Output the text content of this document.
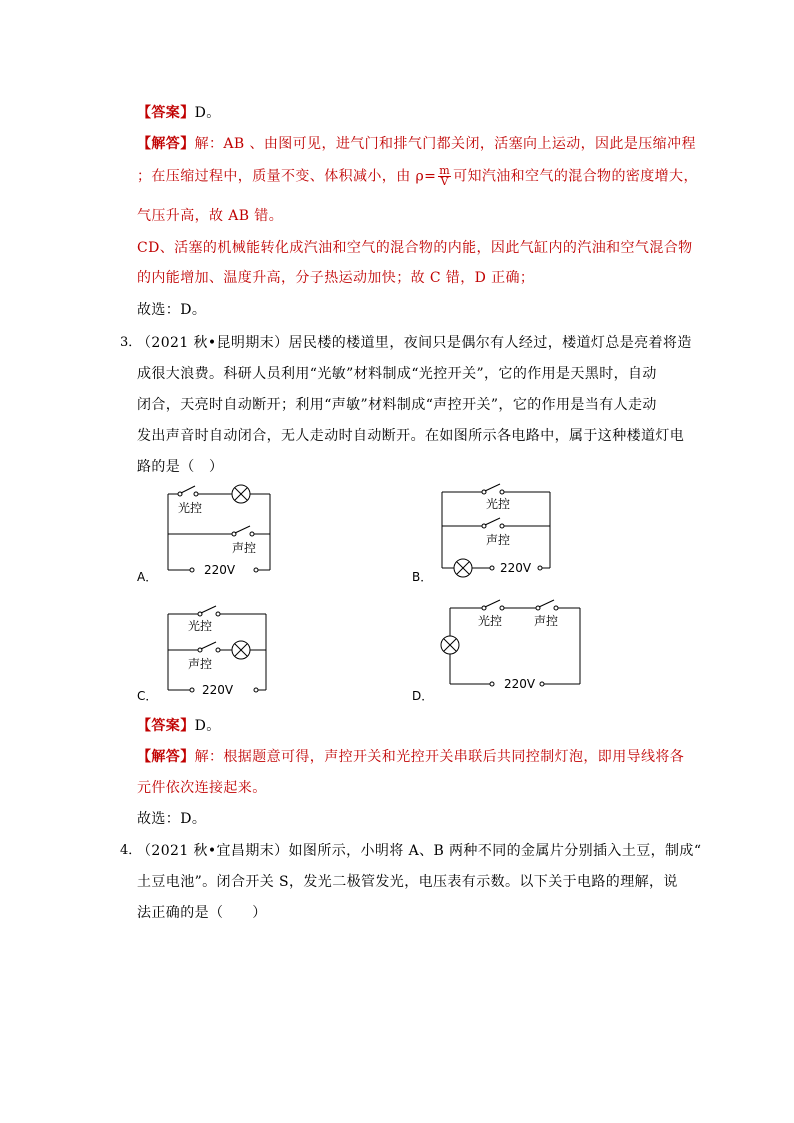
【答案】D。
【解答】解：AB 、由图可见，进气门和排气门都关闭，活塞向上运动，因此是压缩冲程
；在压缩过程中，质量不变、体积减小，由 $\rho= \frac{m}{V}$ 可知汽油和空气的混合物的密度增大，
气压升高，故 AB 错。
CD、活塞的机械能转化成汽油和空气的混合物的内能，因此气缸内的汽油和空气混合物
的内能增加、温度升高，分子热运动加快；故 C 错，D 正确；
故选：D。
3．
（2021 秋•昆明期末）居民楼的楼道里，夜间只是偶尔有人经过，楼道灯总是亮着将造
成很大浪费。科研人员利用“光敏”材料制成“光控开关”，它的作用是天黑时，自动
闭合，天亮时自动断开；利用“声敏”材料制成“声控开关”，它的作用是当有人走动
发出声音时自动闭合，无人走动时自动断开。在如图所示各电路中，属于这种楼道灯电
路的是（　）
A．
光控
声控
220V	B．
光控
声控
220V
C．
光控
声控
220V	D．
光控	声控
220V
【答案】D。
【解答】解：根据题意可得，声控开关和光控开关串联后共同控制灯泡，即用导线将各
元件依次连接起来。
故选：D。
4．
（2021 秋•宜昌期末）如图所示，小明将 A、B 两种不同的金属片分别插入土豆，制成“
土豆电池”。闭合开关 S，发光二极管发光，电压表有示数。以下关于电路的理解，说
法正确的是（　　）
